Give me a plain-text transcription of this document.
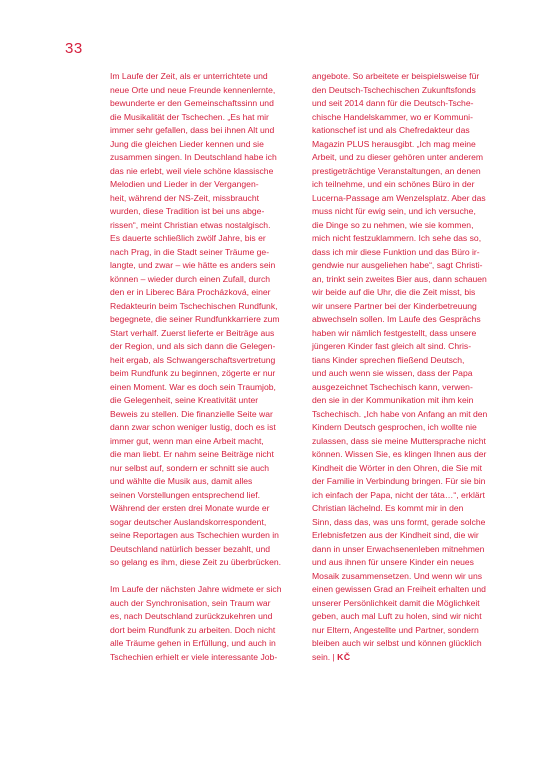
33
Im Laufe der Zeit, als er unterrichtete und
neue Orte und neue Freunde kennenlernte,
bewunderte er den Gemeinschaftssinn und
die Musikalität der Tschechen. „Es hat mir
immer sehr gefallen, dass bei ihnen Alt und
Jung die gleichen Lieder kennen und sie
zusammen singen. In Deutschland habe ich
das nie erlebt, weil viele schöne klassische
Melodien und Lieder in der Vergangen-
heit, während der NS-Zeit, missbraucht
wurden, diese Tradition ist bei uns abge-
rissen“, meint Christian etwas nostalgisch.
Es dauerte schließlich zwölf Jahre, bis er
nach Prag, in die Stadt seiner Träume ge-
langte, und zwar – wie hätte es anders sein
können – wieder durch einen Zufall, durch
den er in Liberec Bára Procházková, einer
Redakteurin beim Tschechischen Rundfunk,
begegnete, die seiner Rundfunkkarriere zum
Start verhalf. Zuerst lieferte er Beiträge aus
der Region, und als sich dann die Gelegen-
heit ergab, als Schwangerschaftsvertretung
beim Rundfunk zu beginnen, zögerte er nur
einen Moment. War es doch sein Traumjob,
die Gelegenheit, seine Kreativität unter
Beweis zu stellen. Die finanzielle Seite war
dann zwar schon weniger lustig, doch es ist
immer gut, wenn man eine Arbeit macht,
die man liebt. Er nahm seine Beiträge nicht
nur selbst auf, sondern er schnitt sie auch
und wählte die Musik aus, damit alles
seinen Vorstellungen entsprechend lief.
Während der ersten drei Monate wurde er
sogar deutscher Auslandskorrespondent,
seine Reportagen aus Tschechien wurden in
Deutschland natürlich besser bezahlt, und
so gelang es ihm, diese Zeit zu überbrücken.
Im Laufe der nächsten Jahre widmete er sich
auch der Synchronisation, sein Traum war
es, nach Deutschland zurückzukehren und
dort beim Rundfunk zu arbeiten. Doch nicht
alle Träume gehen in Erfüllung, und auch in
Tschechien erhielt er viele interessante Job-
angebote. So arbeitete er beispielsweise für
den Deutsch-Tschechischen Zukunftsfonds
und seit 2014 dann für die Deutsch-Tsche-
chische Handelskammer, wo er Kommuni-
kationschef ist und als Chefredakteur das
Magazin PLUS herausgibt. „Ich mag meine
Arbeit, und zu dieser gehören unter anderem
prestigeträchtige Veranstaltungen, an denen
ich teilnehme, und ein schönes Büro in der
Lucerna-Passage am Wenzelsplatz. Aber das
muss nicht für ewig sein, und ich versuche,
die Dinge so zu nehmen, wie sie kommen,
mich nicht festzuklammern. Ich sehe das so,
dass ich mir diese Funktion und das Büro ir-
gendwie nur ausgeliehen habe“, sagt Christi-
an, trinkt sein zweites Bier aus, dann schauen
wir beide auf die Uhr, die die Zeit misst, bis
wir unsere Partner bei der Kinderbetreuung
abwechseln sollen. Im Laufe des Gesprächs
haben wir nämlich festgestellt, dass unsere
jüngeren Kinder fast gleich alt sind. Chris-
tians Kinder sprechen fließend Deutsch,
und auch wenn sie wissen, dass der Papa
ausgezeichnet Tschechisch kann, verwen-
den sie in der Kommunikation mit ihm kein
Tschechisch. „Ich habe von Anfang an mit den
Kindern Deutsch gesprochen, ich wollte nie
zulassen, dass sie meine Muttersprache nicht
können. Wissen Sie, es klingen Ihnen aus der
Kindheit die Wörter in den Ohren, die Sie mit
der Familie in Verbindung bringen. Für sie bin
ich einfach der Papa, nicht der táta…“, erklärt
Christian lächelnd. Es kommt mir in den
Sinn, dass das, was uns formt, gerade solche
Erlebnisfetzen aus der Kindheit sind, die wir
dann in unser Erwachsenenleben mitnehmen
und aus ihnen für unsere Kinder ein neues
Mosaik zusammensetzen. Und wenn wir uns
einen gewissen Grad an Freiheit erhalten und
unserer Persönlichkeit damit die Möglichkeit
geben, auch mal Luft zu holen, sind wir nicht
nur Eltern, Angestellte und Partner, sondern
bleiben auch wir selbst und können glücklich
sein. | KČ
